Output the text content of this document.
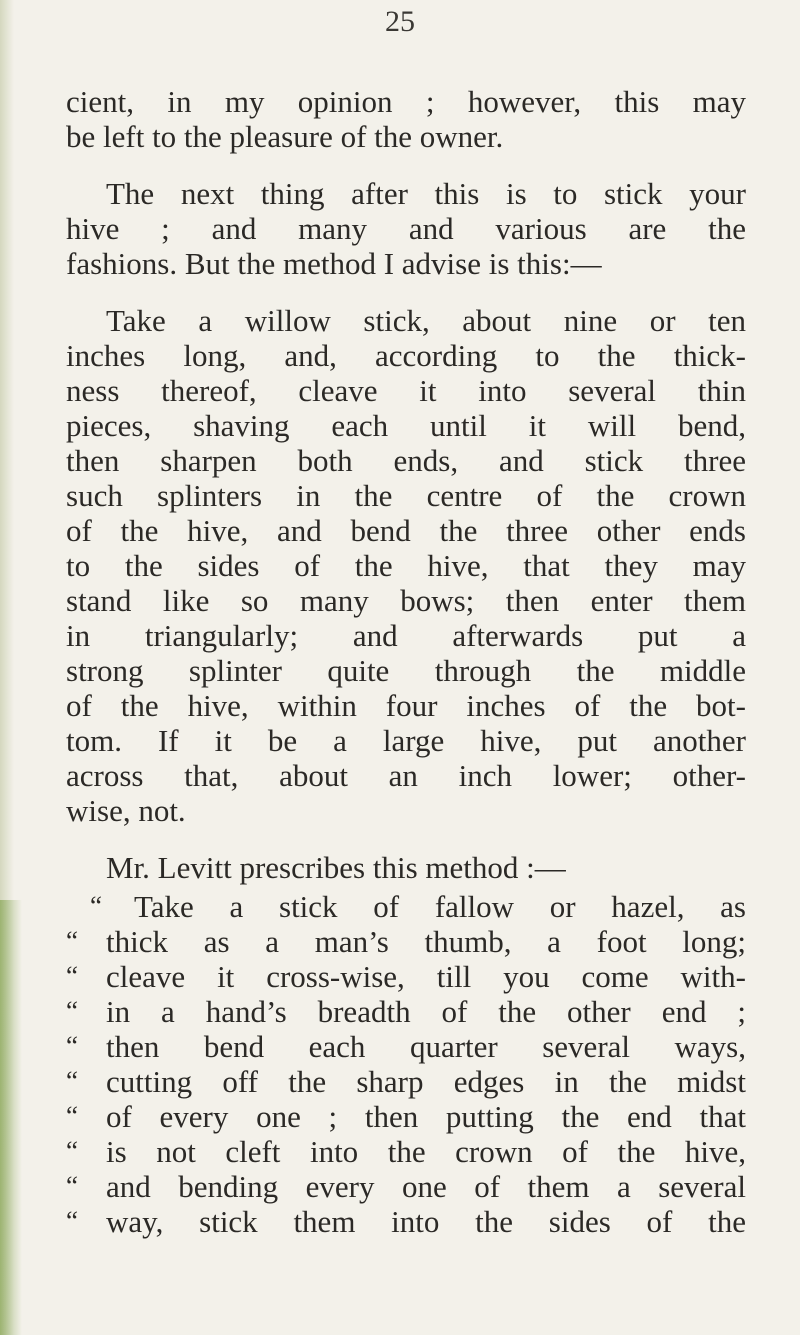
25

cient, in my opinion ; however, this may
be left to the pleasure of the owner.

The next thing after this is to stick your
hive ; and many and various are the
fashions. But the method I advise is this:—

Take a willow stick, about nine or ten
inches long, and, according to the thick-
ness thereof, cleave it into several thin
pieces, shaving each until it will bend,
then sharpen both ends, and stick three
such splinters in the centre of the crown
of the hive, and bend the three other ends
to the sides of the hive, that they may
stand like so many bows; then enter them
in triangularly; and afterwards put a
strong splinter quite through the middle
of the hive, within four inches of the bot-
tom. If it be a large hive, put another
across that, about an inch lower; other-
wise, not.

Mr. Levitt prescribes this method :—

“ Take a stick of fallow or hazel, as
“ thick as a man’s thumb, a foot long;
“ cleave it cross-wise, till you come with-
“ in a hand’s breadth of the other end ;
“ then bend each quarter several ways,
“ cutting off the sharp edges in the midst
“ of every one ; then putting the end that
“ is not cleft into the crown of the hive,
“ and bending every one of them a several
“ way, stick them into the sides of the
